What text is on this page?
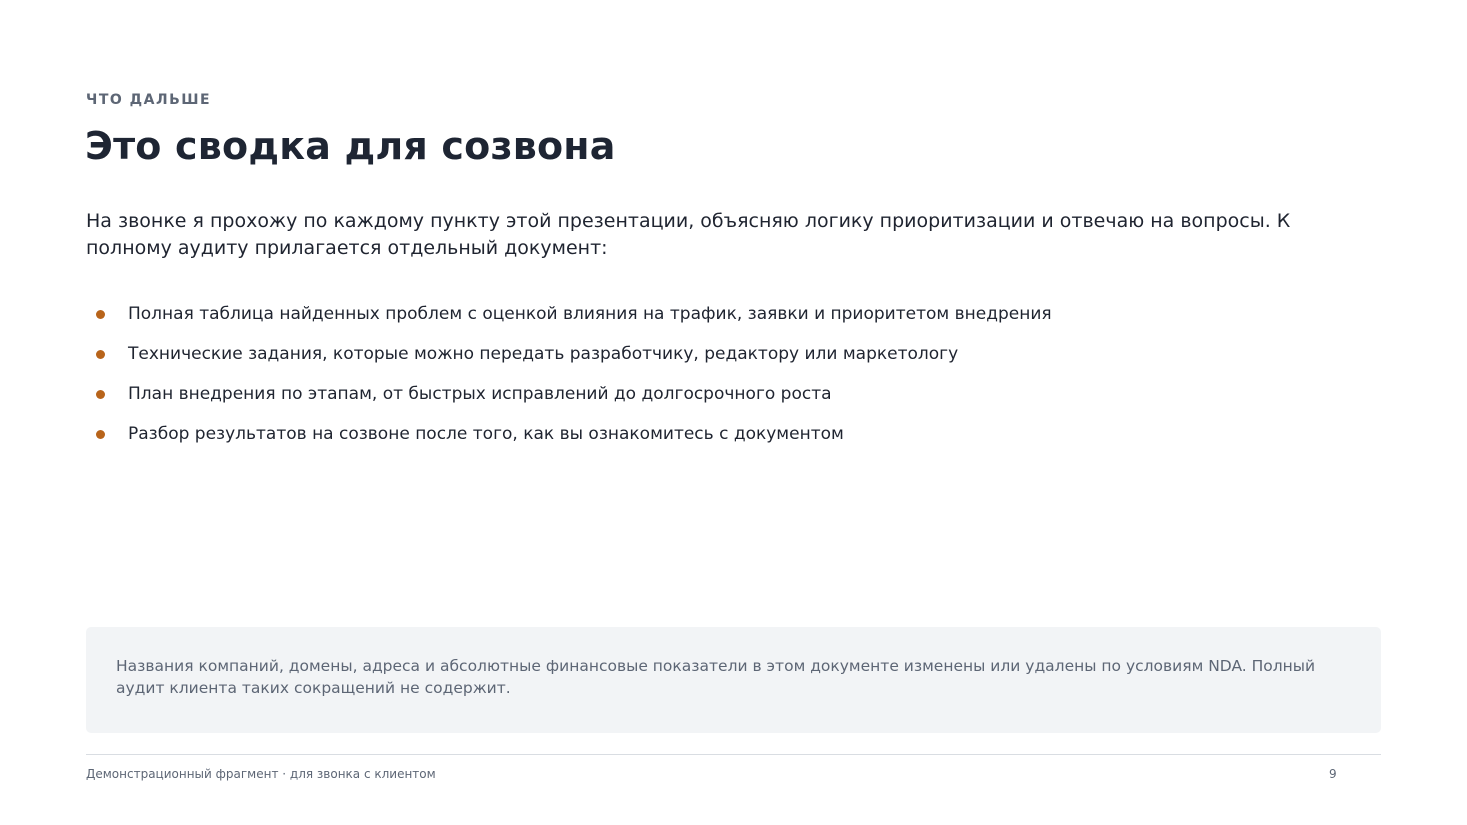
ЧТО ДАЛЬШЕ
Это сводка для созвона

На звонке я прохожу по каждому пункту этой презентации, объясняю логику приоритизации и отвечаю на вопросы. К полному аудиту прилагается отдельный документ:

Полная таблица найденных проблем с оценкой влияния на трафик, заявки и приоритетом внедрения
Технические задания, которые можно передать разработчику, редактору или маркетологу
План внедрения по этапам, от быстрых исправлений до долгосрочного роста
Разбор результатов на созвоне после того, как вы ознакомитесь с документом

Названия компаний, домены, адреса и абсолютные финансовые показатели в этом документе изменены или удалены по условиям NDA. Полный аудит клиента таких сокращений не содержит.

Демонстрационный фрагмент · для звонка с клиентом	9
